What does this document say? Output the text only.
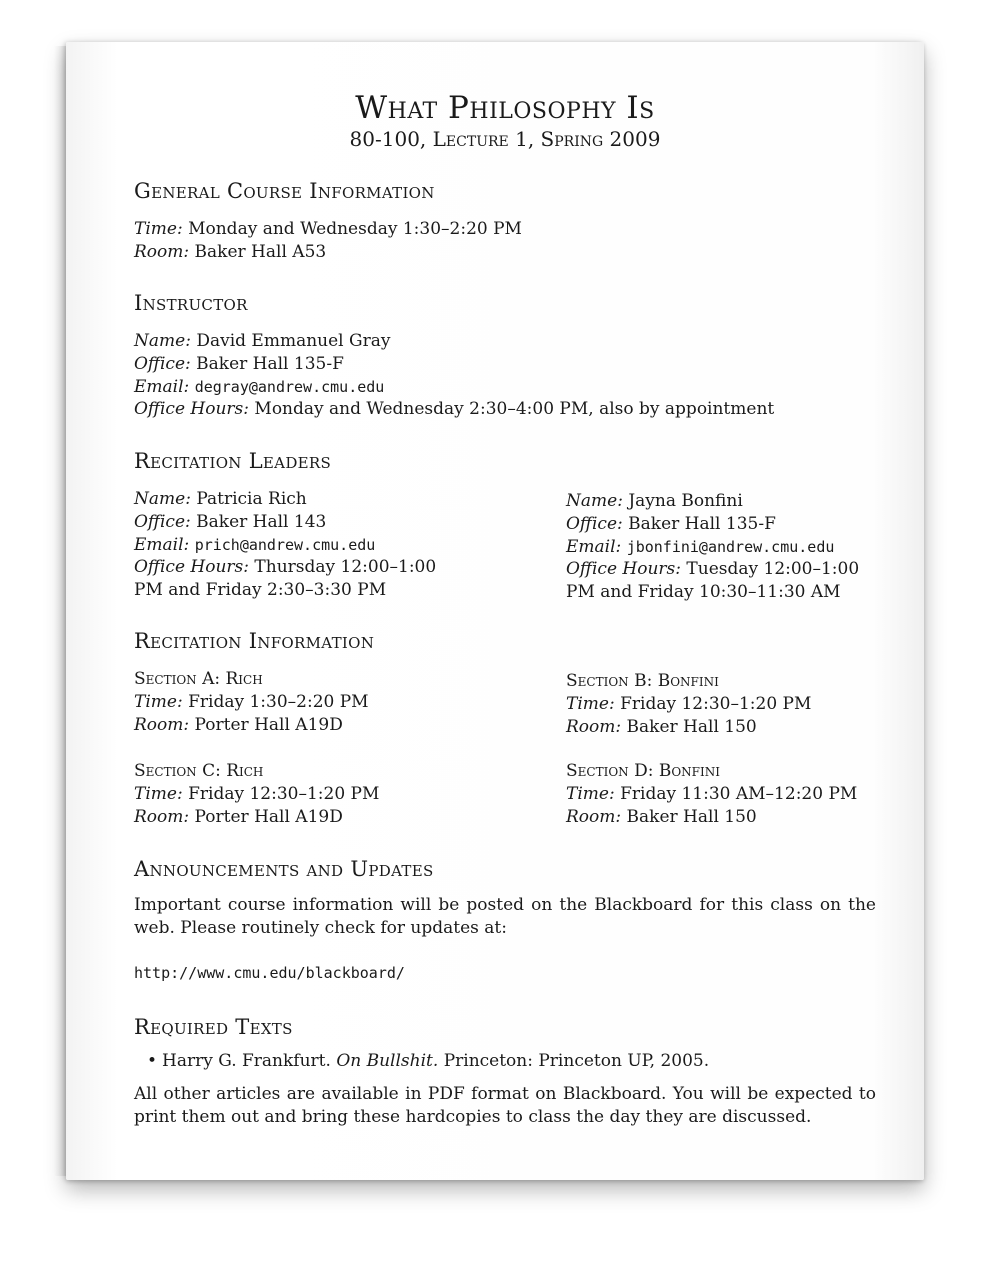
What Philosophy Is
80-100, Lecture 1, Spring 2009
General Course Information
Time: Monday and Wednesday 1:30–2:20 PM
Room: Baker Hall A53
Instructor
Name: David Emmanuel Gray
Office: Baker Hall 135-F
Email: degray@andrew.cmu.edu
Office Hours: Monday and Wednesday 2:30–4:00 PM, also by appointment
Recitation Leaders
Name: Patricia Rich
Office: Baker Hall 143
Email: prich@andrew.cmu.edu
Office Hours: Thursday 12:00–1:00 PM and Friday 2:30–3:30 PM
Name: Jayna Bonfini
Office: Baker Hall 135-F
Email: jbonfini@andrew.cmu.edu
Office Hours: Tuesday 12:00–1:00 PM and Friday 10:30–11:30 AM
Recitation Information
Section A: Rich
Time: Friday 1:30–2:20 PM
Room: Porter Hall A19D
Section B: Bonfini
Time: Friday 12:30–1:20 PM
Room: Baker Hall 150
Section C: Rich
Time: Friday 12:30–1:20 PM
Room: Porter Hall A19D
Section D: Bonfini
Time: Friday 11:30 AM–12:20 PM
Room: Baker Hall 150
Announcements and Updates
Important course information will be posted on the Blackboard for this class on the web. Please routinely check for updates at:
http://www.cmu.edu/blackboard/
Required Texts
• Harry G. Frankfurt. On Bullshit. Princeton: Princeton UP, 2005.
All other articles are available in PDF format on Blackboard. You will be expected to print them out and bring these hardcopies to class the day they are discussed.
